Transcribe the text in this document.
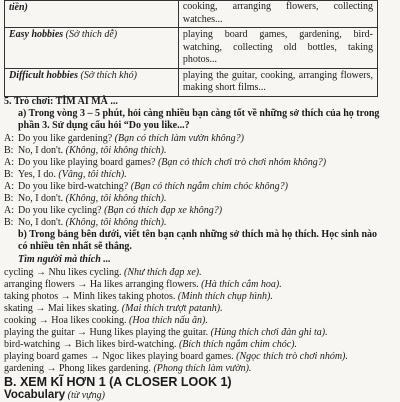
tiền)	cooking, arranging flowers, collecting watches...
Easy hobbies (Sở thích dễ)	playing board games, gardening, bird-watching, collecting old bottles, taking photos...
Difficult hobbies (Sở thích khó)	playing the guitar, cooking, arranging flowers, making short films...
5. Trò chơi: TÌM AI MÀ ...
a) Trong vòng 3 – 5 phút, hỏi càng nhiều bạn càng tốt về những sở thích của họ trong phần 3. Sử dụng cấu hỏi “Do you like...?
A: Do you like gardening? (Bạn có thích làm vườn không?)
B: No, I don't. (Không, tôi không thích).
A: Do you like playing board games? (Bạn có thích chơi trò chơi nhóm không?)
B: Yes, I do. (Vâng, tôi thích).
A: Do you like bird-watching? (Bạn có thích ngắm chim chóc không?)
B: No, I don't. (Không, tôi không thích).
A: Do you like cycling? (Bạn có thích đạp xe không?)
B: No, I don't. (Không, tôi không thích).
b) Trong bảng bên dưới, viết tên bạn cạnh những sở thích mà họ thích. Học sinh nào có nhiều tên nhất sẽ thắng.
Tìm người mà thích ...
cycling → Nhu likes cycling. (Như thích đạp xe).
arranging flowers → Ha likes arranging flowers. (Hà thích cắm hoa).
taking photos → Minh likes taking photos. (Minh thích chụp hình).
skating → Mai likes skating. (Mai thích trượt patanh).
cooking → Hoa likes cooking. (Hoa thích nấu ăn).
playing the guitar → Hung likes playing the guitar. (Hùng thích chơi đàn ghi ta).
bird-watching → Bich likes bird-watching. (Bích thích ngắm chim chóc).
playing board games → Ngoc likes playing board games. (Ngọc thích trò chơi nhóm).
gardening → Phong likes gardening. (Phong thích làm vườn).
B. XEM KĨ HƠN 1 (A CLOSER LOOK 1)
Vocabulary (từ vựng)
